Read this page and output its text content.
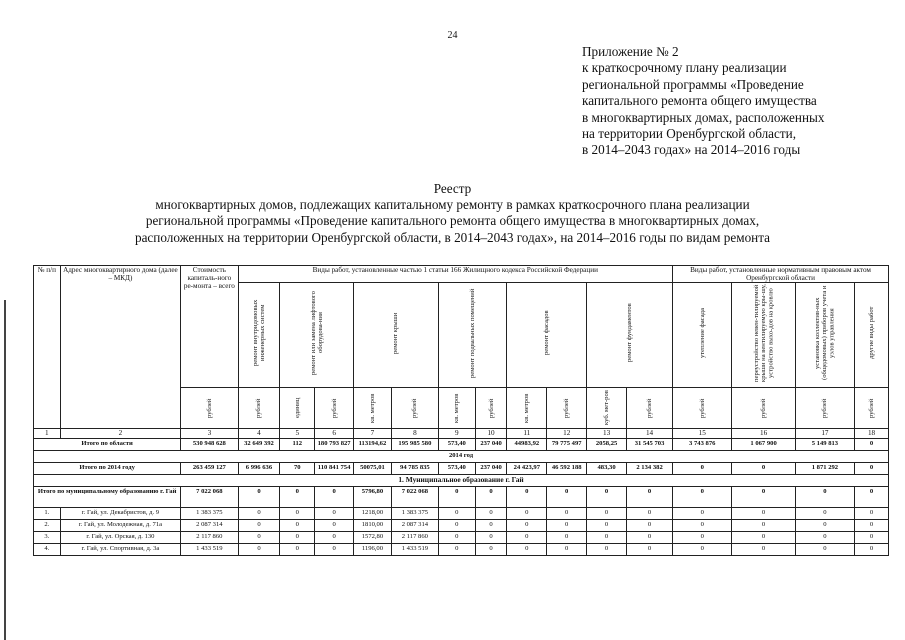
24
Приложение № 2
к краткосрочному плану реализации
региональной программы «Проведение
капитального ремонта общего имущества
в многоквартирных домах, расположенных
на территории Оренбургской области,
в 2014–2043 годах» на 2014–2016 годы
Реестр
многоквартирных домов, подлежащих капитальному ремонту в рамках краткосрочного плана реализации
региональной программы «Проведение капитального ремонта общего имущества в многоквартирных домах,
расположенных на территории Оренбургской области, в 2014–2043 годах», на 2014–2016 годы по видам ремонта
№ п/п	Адрес многоквартирного дома (далее – МКД)	Стоимость капиталь-ного ре-монта – всего	Виды работ, установленные частью 1 статьи 166 Жилищного кодекса Российской Федерации											Виды работ, установленные нормативным правовым актом Оренбургской области			

			ремонт внутридомовых инженерных систем	ремонт или замена лифтового оборудова-ния		ремонт крыши		ремонт подвальных помещений		ремонт фасадов		ремонт фундаментов		утепление фасада	переустройство невен-тилируемой крыши на вентилируемую кры-шу, устройство выхо-дов на кровлю	установка коллектив-ных (общедомовых) приборов учета и узлов управления	другие виды работ

		рублей	рублей	единиц	рублей	кв. метров	рублей	кв. метров	рублей	кв. метров	рублей	куб. мет-ров	рублей	рублей	рублей	рублей	рублей

1	2	3	4	5	6	7	8	9	10	11	12	13	14	15	16	17	18
Итого по области		530 948 628	32 649 392	112	180 793 827	113194,62	195 985 580	573,40	237 040	44983,92	79 775 497	2058,25	31 545 703	3 743 876	1 067 900	5 149 813	0
2014 год																	
Итого по 2014 году		263 459 127	6 996 636	70	110 841 754	50075,01	94 785 835	573,40	237 040	24 423,97	46 592 188	483,30	2 134 382	0	0	1 871 292	0
1. Муниципальное образование г. Гай																	
Итого по муниципальному образованию г. Гай		7 022 068	0	0	0	5796,80	7 022 068	0	0	0	0	0	0	0	0	0	0
1.	г. Гай, ул. Декабристов, д. 9	1 383 375	0	0	0	1218,00	1 383 375	0	0	0	0	0	0	0	0	0	0
2.	г. Гай, ул. Молодежная, д. 71а	2 087 314	0	0	0	1810,00	2 087 314	0	0	0	0	0	0	0	0	0	0
3.	г. Гай, ул. Орская, д. 130	2 117 860	0	0	0	1572,80	2 117 860	0	0	0	0	0	0	0	0	0	0
4.	г. Гай, ул. Спортивная, д. 3а	1 433 519	0	0	0	1196,00	1 433 519	0	0	0	0	0	0	0	0	0	0
